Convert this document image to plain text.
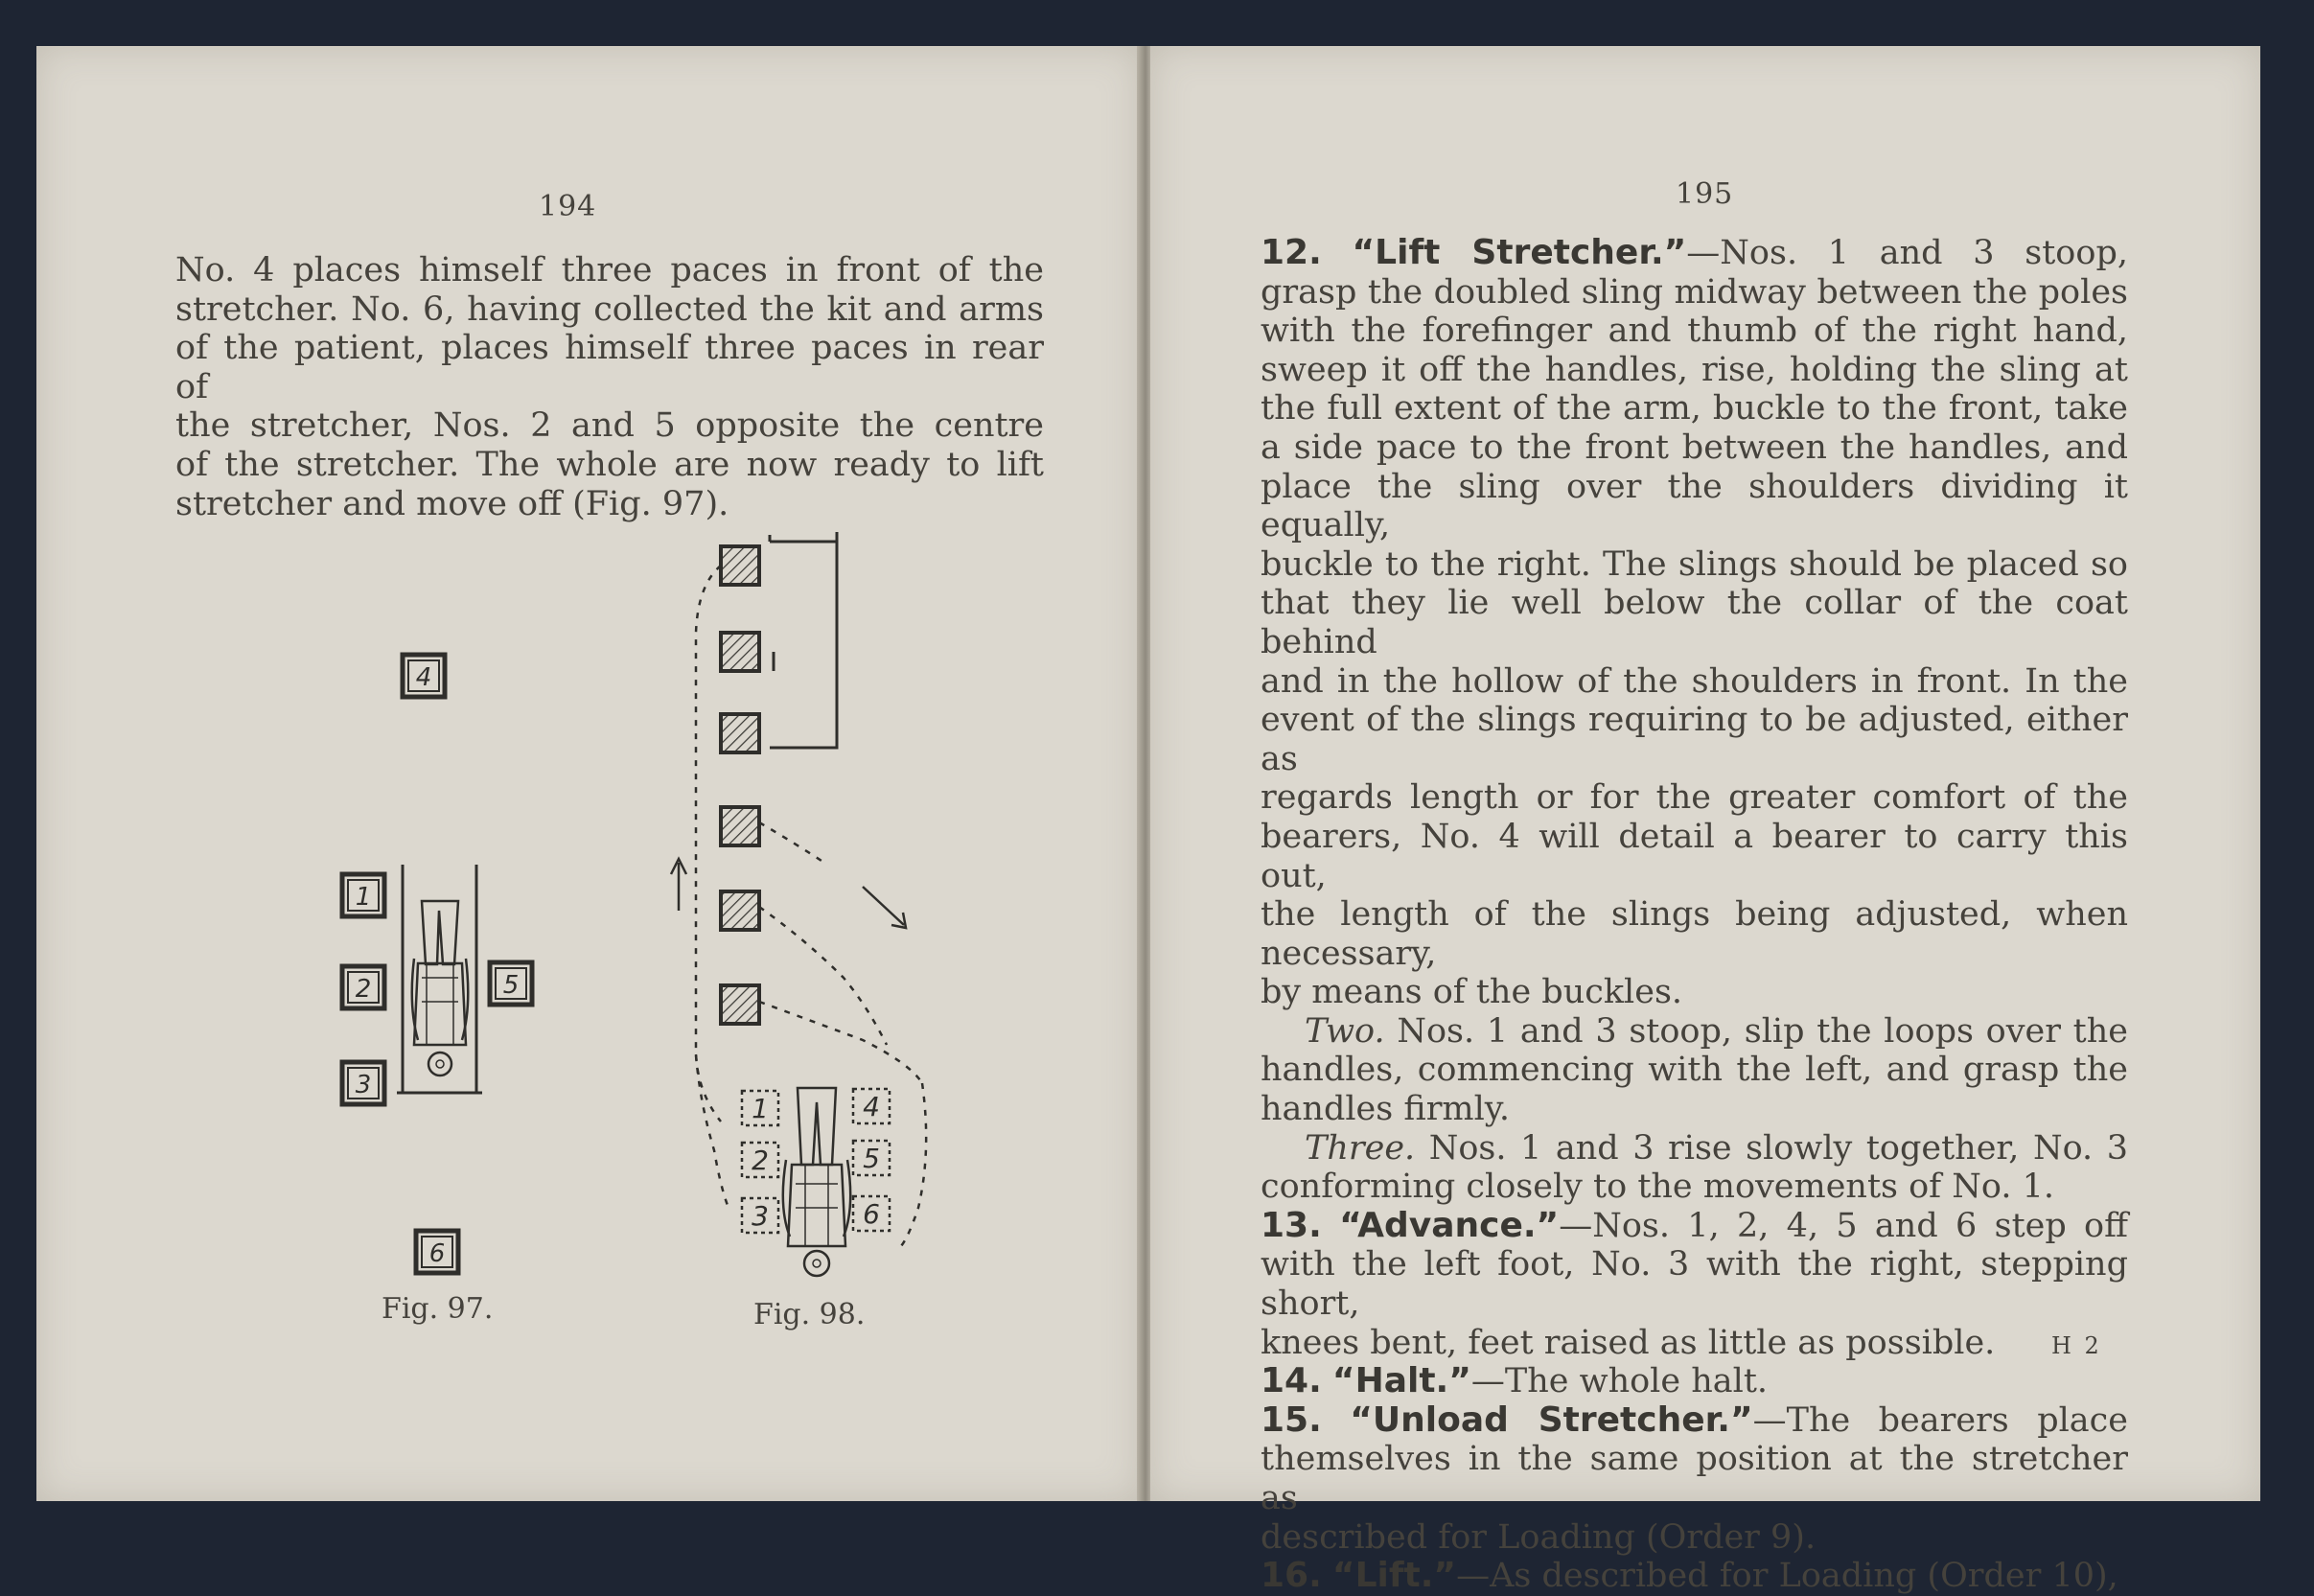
194

No. 4 places himself three paces in front of the

stretcher. No. 6, having collected the kit and arms

of the patient, places himself three paces in rear of

the stretcher, Nos. 2 and 5 opposite the centre

of the stretcher. The whole are now ready to lift

stretcher and move off (Fig. 97).

4
1
2
3
5
6
1
2
3
4
5
6
Fig. 97.	Fig. 98.
195

12. “Lift Stretcher.”—Nos. 1 and 3 stoop,

grasp the doubled sling midway between the poles

with the forefinger and thumb of the right hand,

sweep it off the handles, rise, holding the sling at

the full extent of the arm, buckle to the front, take

a side pace to the front between the handles, and

place the sling over the shoulders dividing it equally,

buckle to the right. The slings should be placed so

that they lie well below the collar of the coat behind

and in the hollow of the shoulders in front. In the

event of the slings requiring to be adjusted, either as

regards length or for the greater comfort of the

bearers, No. 4 will detail a bearer to carry this out,

the length of the slings being adjusted, when necessary,

by means of the buckles.

Two. Nos. 1 and 3 stoop, slip the loops over the

handles, commencing with the left, and grasp the

handles firmly.

Three. Nos. 1 and 3 rise slowly together, No. 3

conforming closely to the movements of No. 1.

13. “Advance.”—Nos. 1, 2, 4, 5 and 6 step off

with the left foot, No. 3 with the right, stepping short,

knees bent, feet raised as little as possible.

14. “Halt.”—The whole halt.

15. “Unload Stretcher.”—The bearers place

themselves in the same position at the stretcher as

described for Loading (Order 9).

16. “Lift.”—As described for Loading (Order 10),

H 2
